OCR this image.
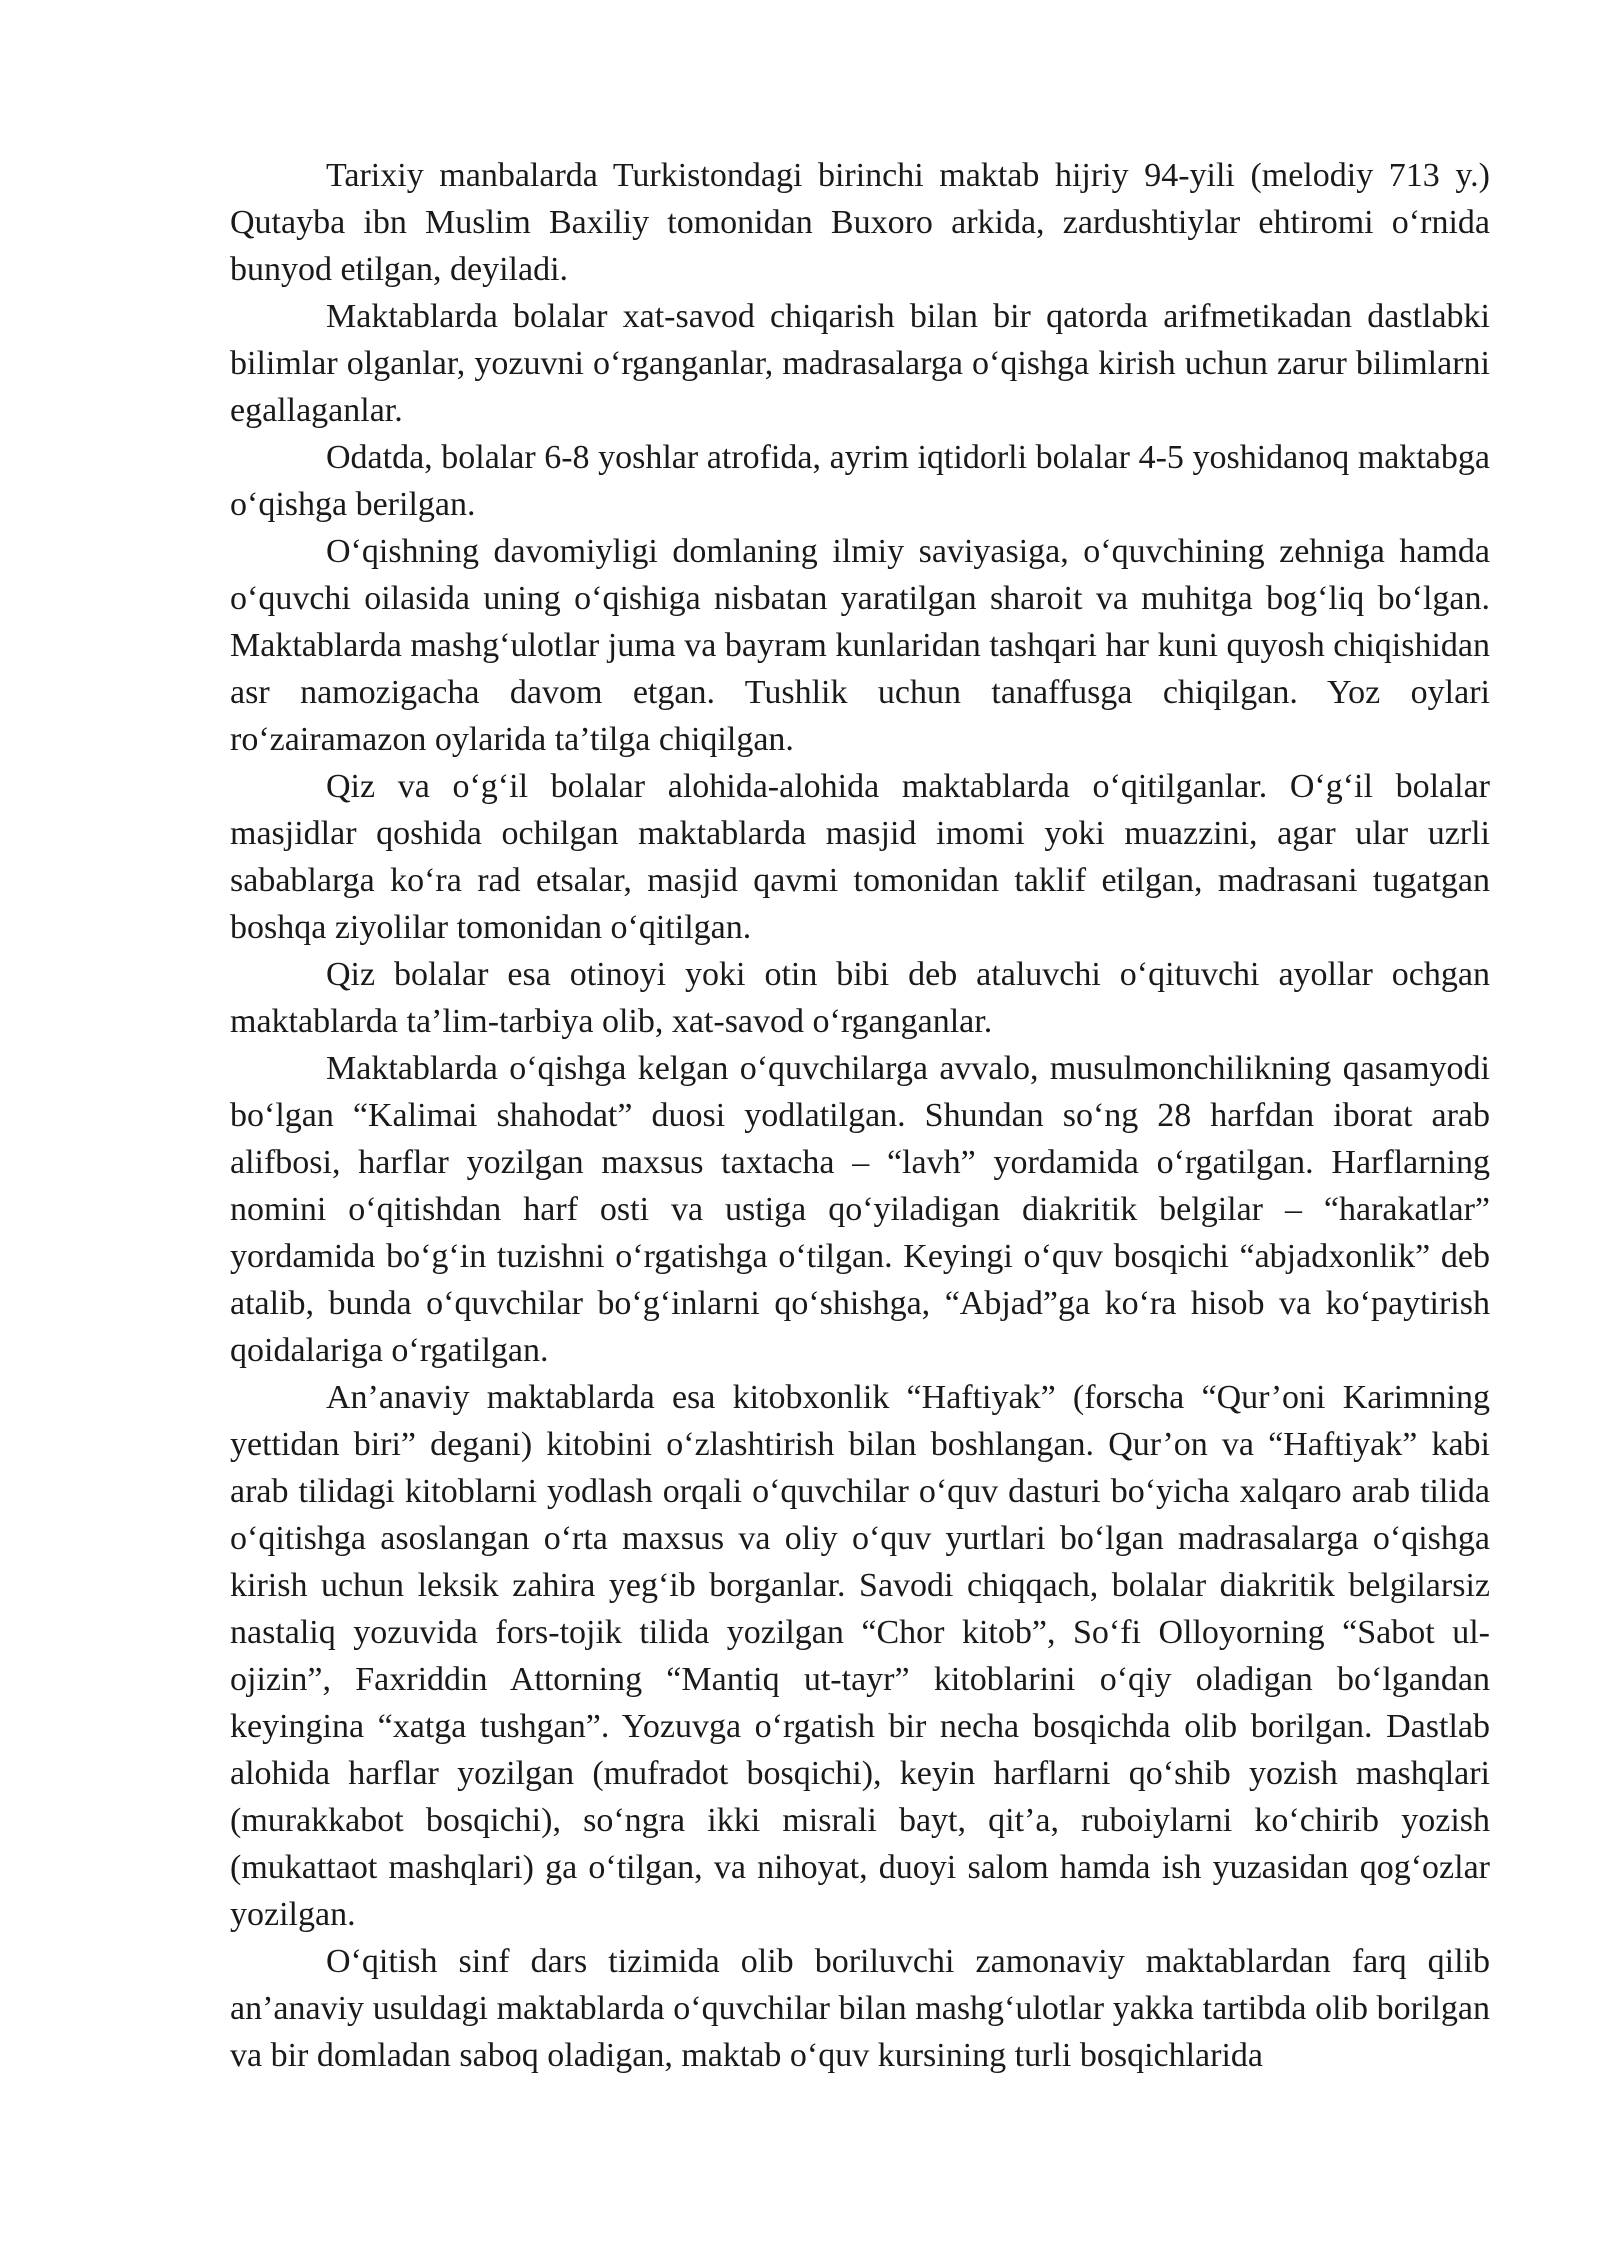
Tarixiy manbalarda Turkistondagi birinchi maktab hijriy 94-yili (melodiy 713 y.) Qutayba ibn Muslim Baxiliy tomonidan Buxoro arkida, zardushtiylar ehtiromi o‘rnida bunyod etilgan, deyiladi.

Maktablarda bolalar xat-savod chiqarish bilan bir qatorda arifmetikadan dastlabki bilimlar olganlar, yozuvni o‘rganganlar, madrasalarga o‘qishga kirish uchun zarur bilimlarni egallaganlar.

Odatda, bolalar 6-8 yoshlar atrofida, ayrim iqtidorli bolalar 4-5 yoshidanoq maktabga o‘qishga berilgan.

O‘qishning davomiyligi domlaning ilmiy saviyasiga, o‘quvchining zehniga hamda o‘quvchi oilasida uning o‘qishiga nisbatan yaratilgan sharoit va muhitga bog‘liq bo‘lgan. Maktablarda mashg‘ulotlar juma va bayram kunlaridan tashqari har kuni quyosh chiqishidan asr namozigacha davom etgan. Tushlik uchun tanaffusga chiqilgan. Yoz oylari ro‘zairamazon oylarida ta’tilga chiqilgan.

Qiz va o‘g‘il bolalar alohida-alohida maktablarda o‘qitilganlar. O‘g‘il bolalar masjidlar qoshida ochilgan maktablarda masjid imomi yoki muazzini, agar ular uzrli sabablarga ko‘ra rad etsalar, masjid qavmi tomonidan taklif etilgan, madrasani tugatgan boshqa ziyolilar tomonidan o‘qitilgan.

Qiz bolalar esa otinoyi yoki otin bibi deb ataluvchi o‘qituvchi ayollar ochgan maktablarda ta’lim-tarbiya olib, xat-savod o‘rganganlar.

Maktablarda o‘qishga kelgan o‘quvchilarga avvalo, musulmonchilikning qasamyodi bo‘lgan “Kalimai shahodat” duosi yodlatilgan. Shundan so‘ng 28 harfdan iborat arab alifbosi, harflar yozilgan maxsus taxtacha – “lavh” yordamida o‘rgatilgan. Harflarning nomini o‘qitishdan harf osti va ustiga qo‘yiladigan diakritik belgilar – “harakatlar” yordamida bo‘g‘in tuzishni o‘rgatishga o‘tilgan. Keyingi o‘quv bosqichi “abjadxonlik” deb atalib, bunda o‘quvchilar bo‘g‘inlarni qo‘shishga, “Abjad”ga ko‘ra hisob va ko‘paytirish qoidalariga o‘rgatilgan.

An’anaviy maktablarda esa kitobxonlik “Haftiyak” (forscha “Qur’oni Karimning yettidan biri” degani) kitobini o‘zlashtirish bilan boshlangan. Qur’on va “Haftiyak” kabi arab tilidagi kitoblarni yodlash orqali o‘quvchilar o‘quv dasturi bo‘yicha xalqaro arab tilida o‘qitishga asoslangan o‘rta maxsus va oliy o‘quv yurtlari bo‘lgan madrasalarga o‘qishga kirish uchun leksik zahira yeg‘ib borganlar. Savodi chiqqach, bolalar diakritik belgilarsiz nastaliq yozuvida fors-tojik tilida yozilgan “Chor kitob”, So‘fi Olloyorning “Sabot ul-ojizin”, Faxriddin Attorning “Mantiq ut-tayr” kitoblarini o‘qiy oladigan bo‘lgandan keyingina “xatga tushgan”. Yozuvga o‘rgatish bir necha bosqichda olib borilgan. Dastlab alohida harflar yozilgan (mufradot bosqichi), keyin harflarni qo‘shib yozish mashqlari (murakkabot bosqichi), so‘ngra ikki misrali bayt, qit’a, ruboiylarni ko‘chirib yozish (mukattaot mashqlari) ga o‘tilgan, va nihoyat, duoyi salom hamda ish yuzasidan qog‘ozlar yozilgan.

O‘qitish sinf dars tizimida olib boriluvchi zamonaviy maktablardan farq qilib an’anaviy usuldagi maktablarda o‘quvchilar bilan mashg‘ulotlar yakka tartibda olib borilgan va bir domladan saboq oladigan, maktab o‘quv kursining turli bosqichlarida
